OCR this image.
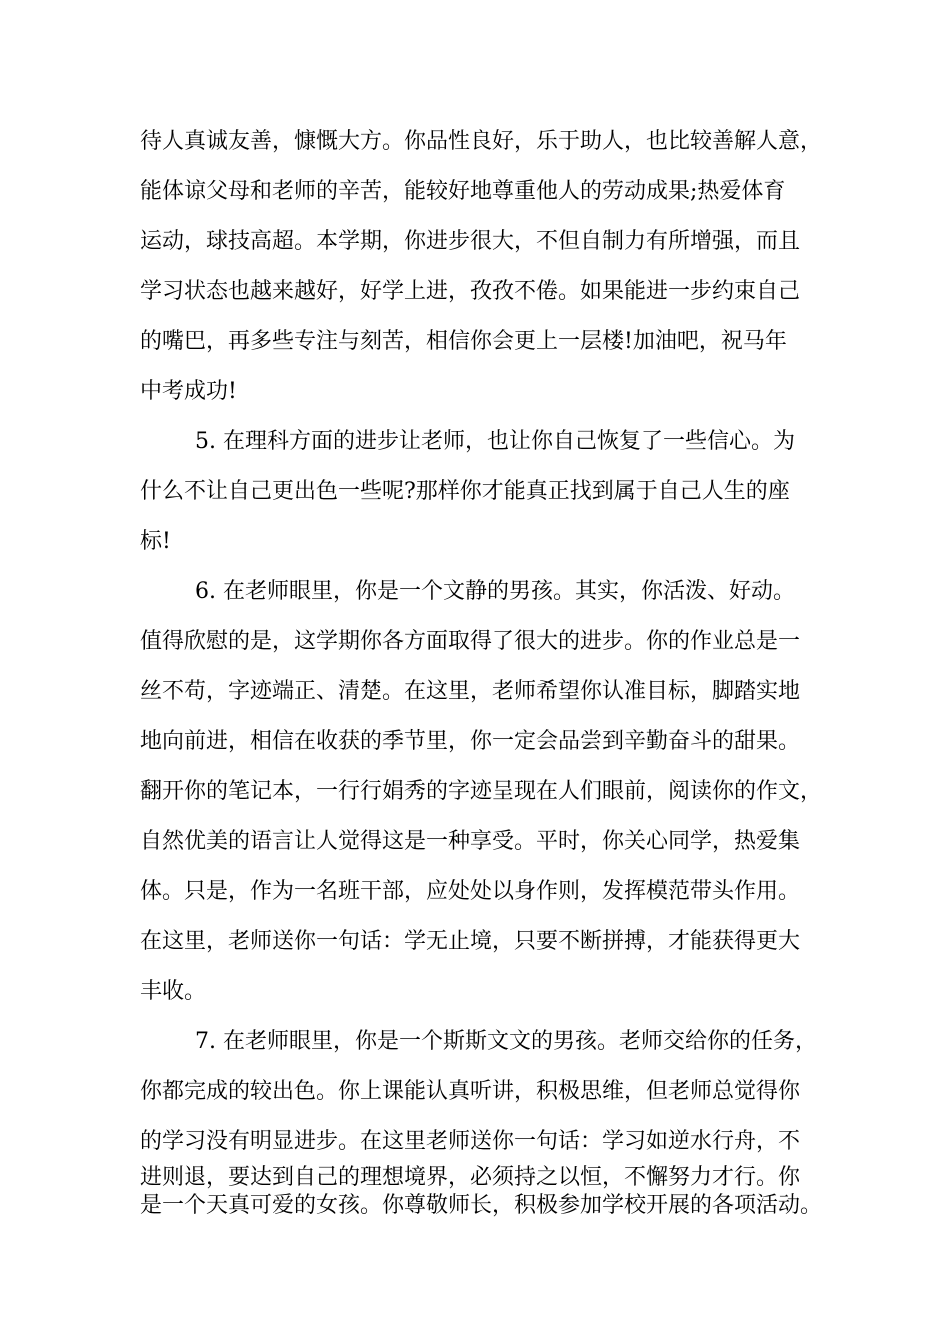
待人真诚友善，慷慨大方。你品性良好，乐于助人，也比较善解人意，
能体谅父母和老师的辛苦，能较好地尊重他人的劳动成果;热爱体育
运动，球技高超。本学期，你进步很大，不但自制力有所增强，而且
学习状态也越来越好，好学上进，孜孜不倦。如果能进一步约束自己
的嘴巴，再多些专注与刻苦，相信你会更上一层楼!加油吧，祝马年
中考成功!
5. 在理科方面的进步让老师，也让你自己恢复了一些信心。为
什么不让自己更出色一些呢?那样你才能真正找到属于自己人生的座
标!
6. 在老师眼里，你是一个文静的男孩。其实，你活泼、好动。
值得欣慰的是，这学期你各方面取得了很大的进步。你的作业总是一
丝不苟，字迹端正、清楚。在这里，老师希望你认准目标，脚踏实地
地向前进，相信在收获的季节里，你一定会品尝到辛勤奋斗的甜果。
翻开你的笔记本，一行行娟秀的字迹呈现在人们眼前，阅读你的作文，
自然优美的语言让人觉得这是一种享受。平时，你关心同学，热爱集
体。只是，作为一名班干部，应处处以身作则，发挥模范带头作用。
在这里，老师送你一句话：学无止境，只要不断拼搏，才能获得更大
丰收。
7. 在老师眼里，你是一个斯斯文文的男孩。老师交给你的任务，
你都完成的较出色。你上课能认真听讲，积极思维，但老师总觉得你
的学习没有明显进步。在这里老师送你一句话：学习如逆水行舟，不
进则退，要达到自己的理想境界，必须持之以恒，不懈努力才行。你
是一个天真可爱的女孩。你尊敬师长，积极参加学校开展的各项活动。
